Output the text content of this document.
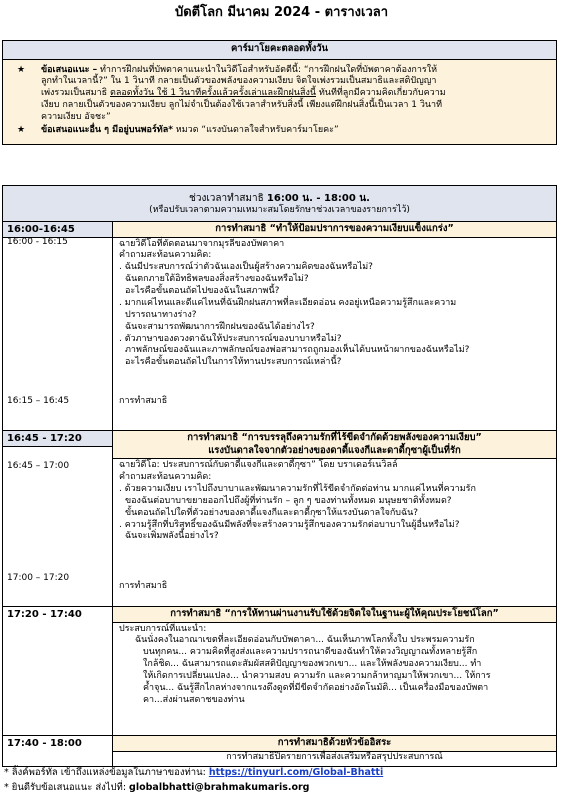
บัดตีโลก มีนาคม 2024 - ตารางเวลา
คาร์มาโยคะตลอดทั้งวัน
★ ข้อเสนอแนะ – ทำการฝึกฝนที่บัพตาคาแนะนำในวิดีโอสำหรับอัตตีนี้: “การฝึกฝนใดที่บัพตาคาต้องการให้
ลูกทำในเวลานี้?” ใน 1 วินาที กลายเป็นตัวของพลังของความเงียบ จิตใจเพ่งรวมเป็นสมาธิและสติปัญญา
เพ่งรวมเป็นสมาธิ ตลอดทั้งวัน ใช้ 1 วินาทีครั้งแล้วครั้งเล่าและฝึกฝนสิ่งนี้ ทันทีที่ลูกมีความคิดเกี่ยวกับความ
เงียบ กลายเป็นตัวของความเงียบ ลูกไม่จำเป็นต้องใช้เวลาสำหรับสิ่งนี้ เพียงแต่ฝึกฝนสิ่งนี้เป็นเวลา 1 วินาที
ความเงียบ อัจชะ”
★ ข้อเสนอแนะอื่น ๆ มีอยู่บนพอร์ทัล* หมวด “แรงบันดาลใจสำหรับคาร์มาโยคะ”
ช่วงเวลาทำสมาธิ 16:00 น. - 18:00 น.
(หรือปรับเวลาตามความเหมาะสมโดยรักษาช่วงเวลาของรายการไว้)
16:00-16:45
16:00 - 16:15
16:15 – 16:45
การทำสมาธิ “ทำให้ป้อมปราการของความเงียบแข็งแกร่ง”
ฉายวิดีโอที่ตัดตอนมาจากมุรลีของบัพตาคา
คำถามสะท้อนความคิด:
. ฉันมีประสบการณ์ว่าตัวฉันเองเป็นผู้สร้างความคิดของฉันหรือไม่?
ฉันตกภายใต้อิทธิพลของสิ่งสร้างของฉันหรือไม่?
อะไรคือขั้นตอนถัดไปของฉันในสภาพนี้?
. มากแค่ไหนและดีแค่ไหนที่ฉันฝึกฝนสภาพที่ละเอียดอ่อน คงอยู่เหนือความรู้สึกและความ
ปรารถนาทางร่าง?
ฉันจะสามารถพัฒนาการฝึกฝนของฉันได้อย่างไร?
. ตัวภาษาของดวงตาฉันให้ประสบการณ์ของบาบาหรือไม่?
ภาพลักษณ์ของฉันและภาพลักษณ์ของพ่อสามารถถูกมองเห็นได้บนหน้าผากของฉันหรือไม่?
อะไรคือขั้นตอนถัดไปในการให้ทานประสบการณ์เหล่านี้?
การทำสมาธิ
16:45 - 17:20
16:45 – 17:00
17:00 – 17:20
การทำสมาธิ “การบรรลุถึงความรักที่ไร้ขีดจำกัดด้วยพลังของความเงียบ”
แรงบันดาลใจจากตัวอย่างของดาดี้แจงกีและดาดี้กุซาผู้เป็นที่รัก
ฉายวิดีโอ: ประสบการณ์กับดาดี้แจงกีและดาดี้กุซา” โดย บราเดอร์เนวิลล์
คำถามสะท้อนความคิด:
. ด้วยความเงียบ เราไปถึงบาบาและพัฒนาความรักที่ไร้ขีดจำกัดต่อท่าน มากแค่ไหนที่ความรัก
ของฉันต่อบาบาขยายออกไปถึงผู้ที่ท่านรัก – ลูก ๆ ของท่านทั้งหมด มนุษยชาติทั้งหมด?
ขั้นตอนถัดไปใดที่ตัวอย่างของดาดี้แจงกีและดาดี้กุซาให้แรงบันดาลใจกับฉัน?
. ความรู้สึกที่บริสุทธิ์ของฉันมีพลังที่จะสร้างความรู้สึกของความรักต่อบาบาในผู้อื่นหรือไม่?
ฉันจะเพิ่มพลังนี้อย่างไร?
การทำสมาธิ
17:20 - 17:40	การทำสมาธิ “การให้ทานผ่านงานรับใช้ด้วยจิตใจในฐานะผู้ให้คุณประโยชน์โลก”
ประสบการณ์ที่แนะนำ:
ฉันนั่งคงในอาณาเขตที่ละเอียดอ่อนกับบัพตาคา... ฉันเห็นภาพโลกทั้งใบ ประพรมความรัก
บนทุกคน... ความคิดที่สูงส่งและความปรารถนาดีของฉันทำให้ดวงวิญญาณทั้งหลายรู้สึก
ใกล้ชิด... ฉันสามารถแตะสัมผัสสติปัญญาของพวกเขา... และให้พลังของความเงียบ... ทำ
ให้เกิดการเปลี่ยนแปลง... นำความสงบ ความรัก และความกล้าหาญมาให้พวกเขา... ให้การ
ค้ำจุน... ฉันรู้สึกไกลห่างจากแรงดึงดูดที่มีขีดจำกัดอย่างอัตโนมัติ... เป็นเครื่องมือของบัพตา
คา...ส่งผ่านสดาชของท่าน
17:40 - 18:00	การทำสมาธิด้วยหัวข้ออิสระ
การทำสมาธิปิดรายการเพื่อส่งเสริมหรือสรุปประสบการณ์
* ลิ้งค์พอร์ทัล เข้าถึงแหล่งข้อมูลในภาษาของท่าน: https://tinyurl.com/Global-Bhatti
* ยินดีรับข้อเสนอแนะ ส่งไปที่: globalbhatti@brahmakumaris.org
